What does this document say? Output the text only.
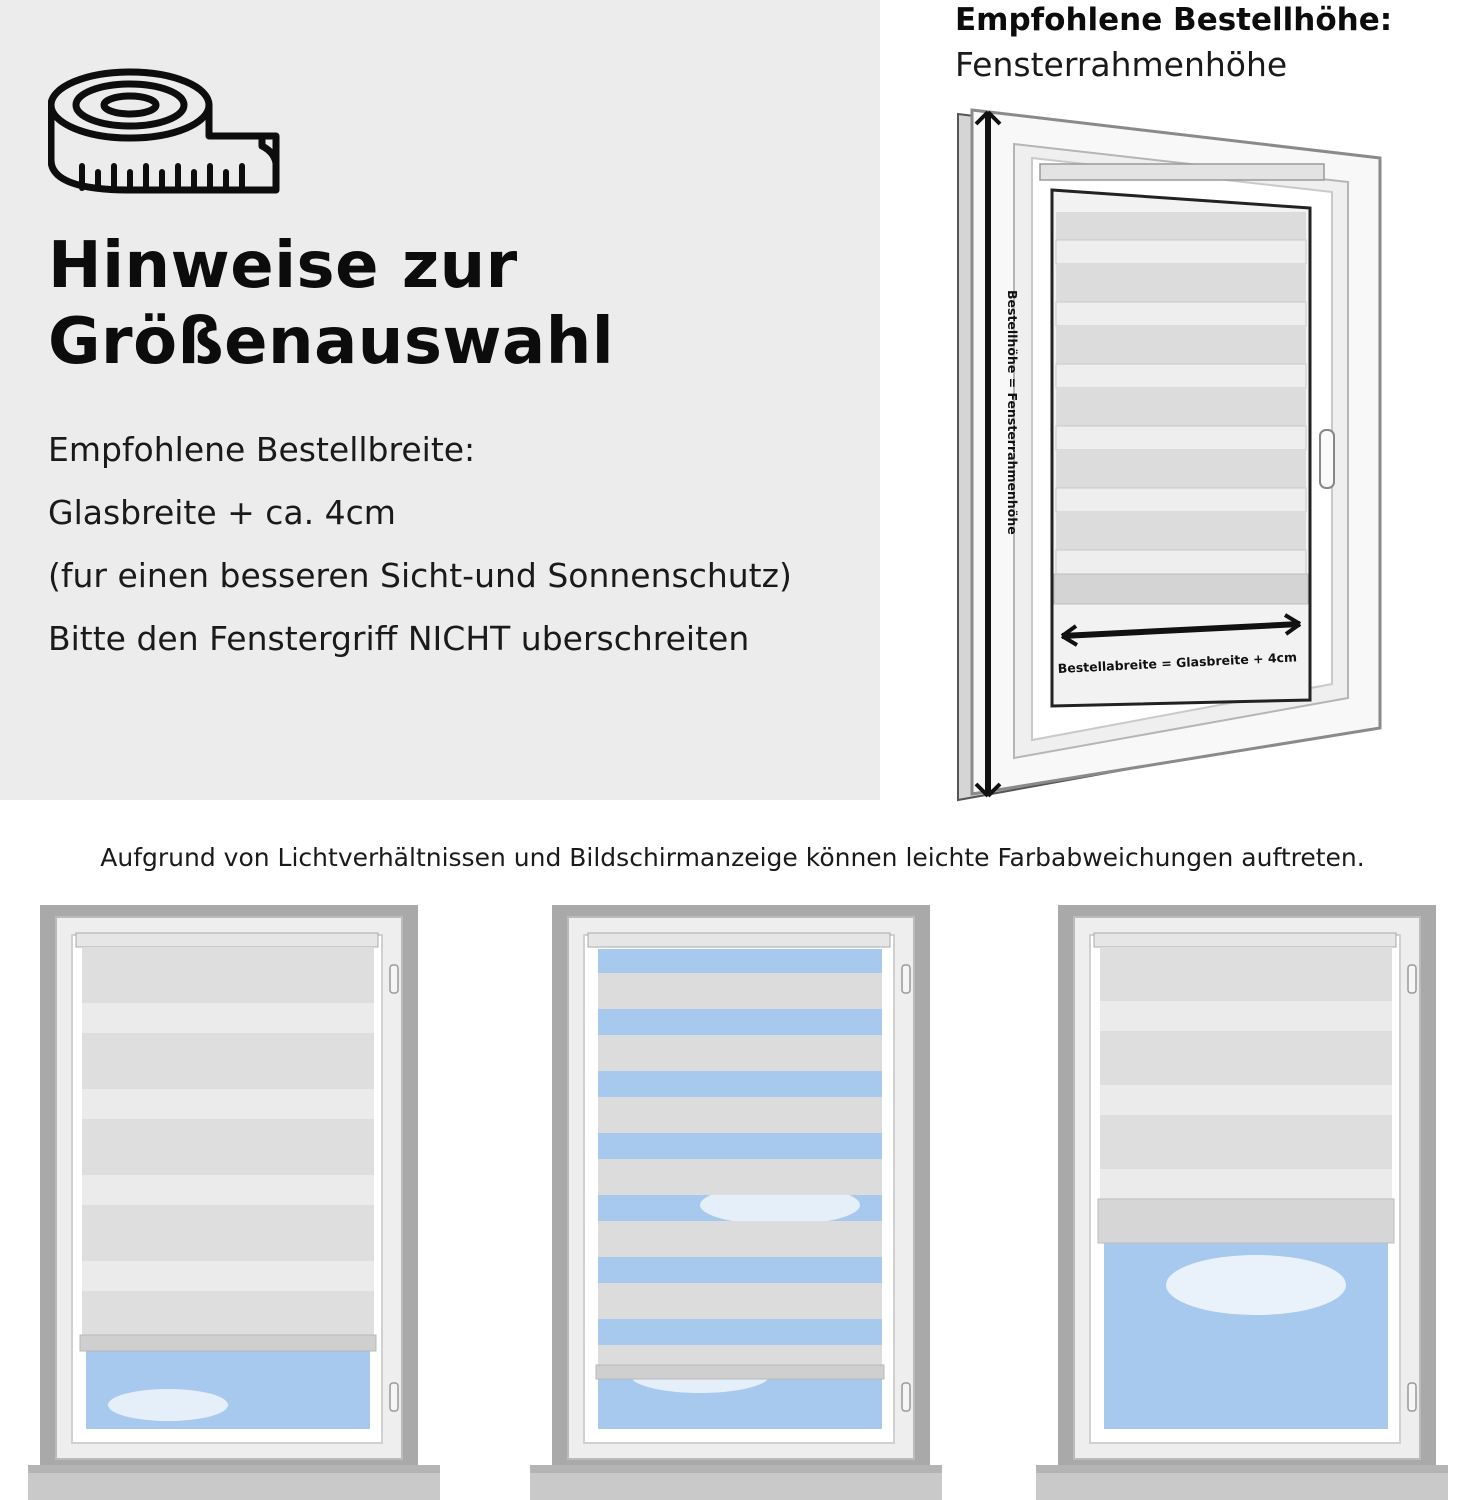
Hinweise zur
Größenauswahl

Empfohlene Bestellbreite:

Glasbreite + ca. 4cm

(fur einen besseren Sicht-und Sonnenschutz)

Bitte den Fenstergriff NICHT uberschreiten

Empfohlene Bestellhöhe:
Fensterrahmenhöhe
Bestellhöhe = Fensterrahmenhöhe
Bestellabreite = Glasbreite + 4cm

Aufgrund von Lichtverhältnissen und Bildschirmanzeige können leichte Farbabweichungen auftreten.
